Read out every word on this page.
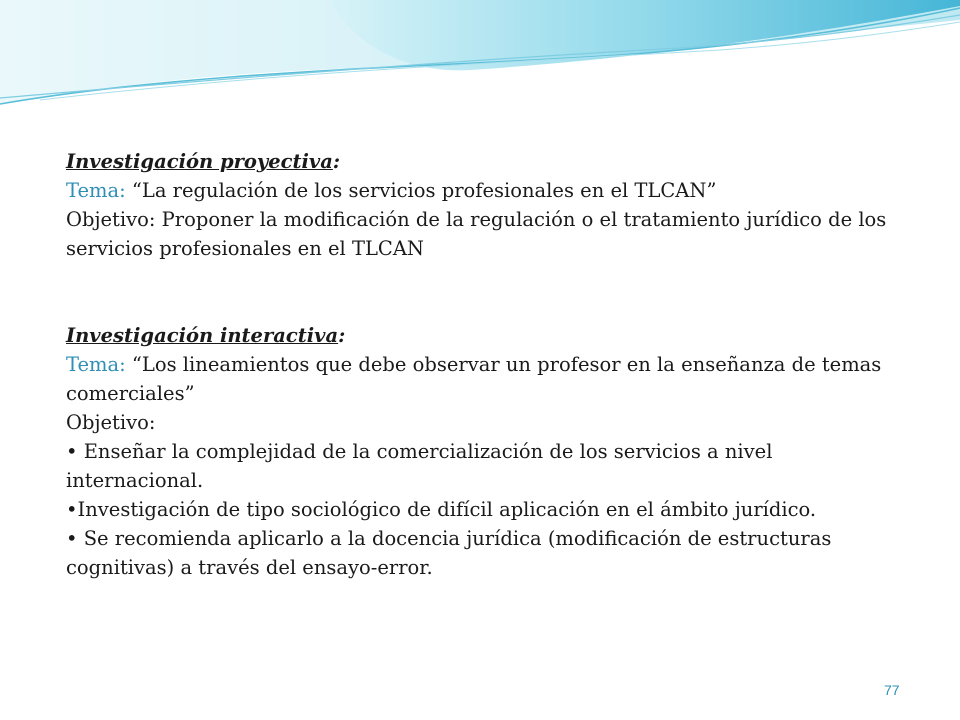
Investigación proyectiva:

Tema: “La regulación de los servicios profesionales en el TLCAN”

Objetivo: Proponer la modificación de la regulación o el tratamiento jurídico de los servicios profesionales en el TLCAN

Investigación interactiva:

Tema: “Los lineamientos que debe observar un profesor en la enseñanza de temas comerciales”

Objetivo:

• Enseñar la complejidad de la comercialización de los servicios a nivel internacional.

•Investigación de tipo sociológico de difícil aplicación en el ámbito jurídico.

• Se recomienda aplicarlo a la docencia jurídica (modificación de estructuras cognitivas) a través del ensayo-error.

77
